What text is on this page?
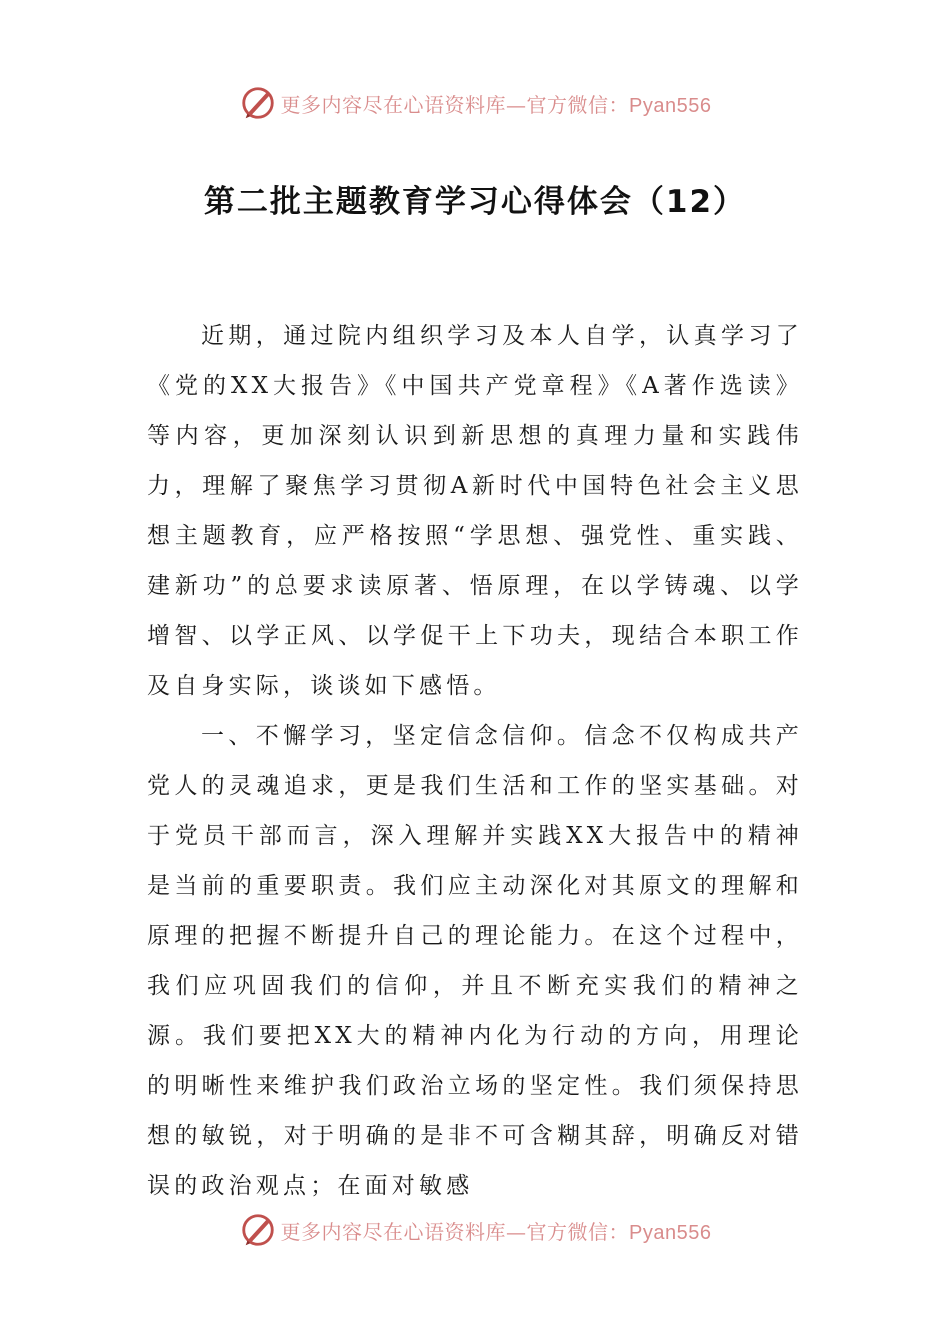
更多内容尽在心语资料库—官方微信：Pyan556
第二批主题教育学习心得体会（12）

近期，通过院内组织学习及本人自学，认真学习了《党的XX大报告》《中国共产党章程》《A著作选读》等内容，更加深刻认识到新思想的真理力量和实践伟力，理解了聚焦学习贯彻A新时代中国特色社会主义思想主题教育，应严格按照“学思想、强党性、重实践、建新功”的总要求读原著、悟原理，在以学铸魂、以学增智、以学正风、以学促干上下功夫，现结合本职工作及自身实际，谈谈如下感悟。

一、不懈学习，坚定信念信仰。信念不仅构成共产党人的灵魂追求，更是我们生活和工作的坚实基础。对于党员干部而言，深入理解并实践XX大报告中的精神是当前的重要职责。我们应主动深化对其原文的理解和原理的把握不断提升自己的理论能力。在这个过程中，我们应巩固我们的信仰，并且不断充实我们的精神之源。我们要把XX大的精神内化为行动的方向，用理论的明晰性来维护我们政治立场的坚定性。我们须保持思想的敏锐，对于明确的是非不可含糊其辞，明确反对错误的政治观点；在面对敏感

更多内容尽在心语资料库—官方微信：Pyan556
